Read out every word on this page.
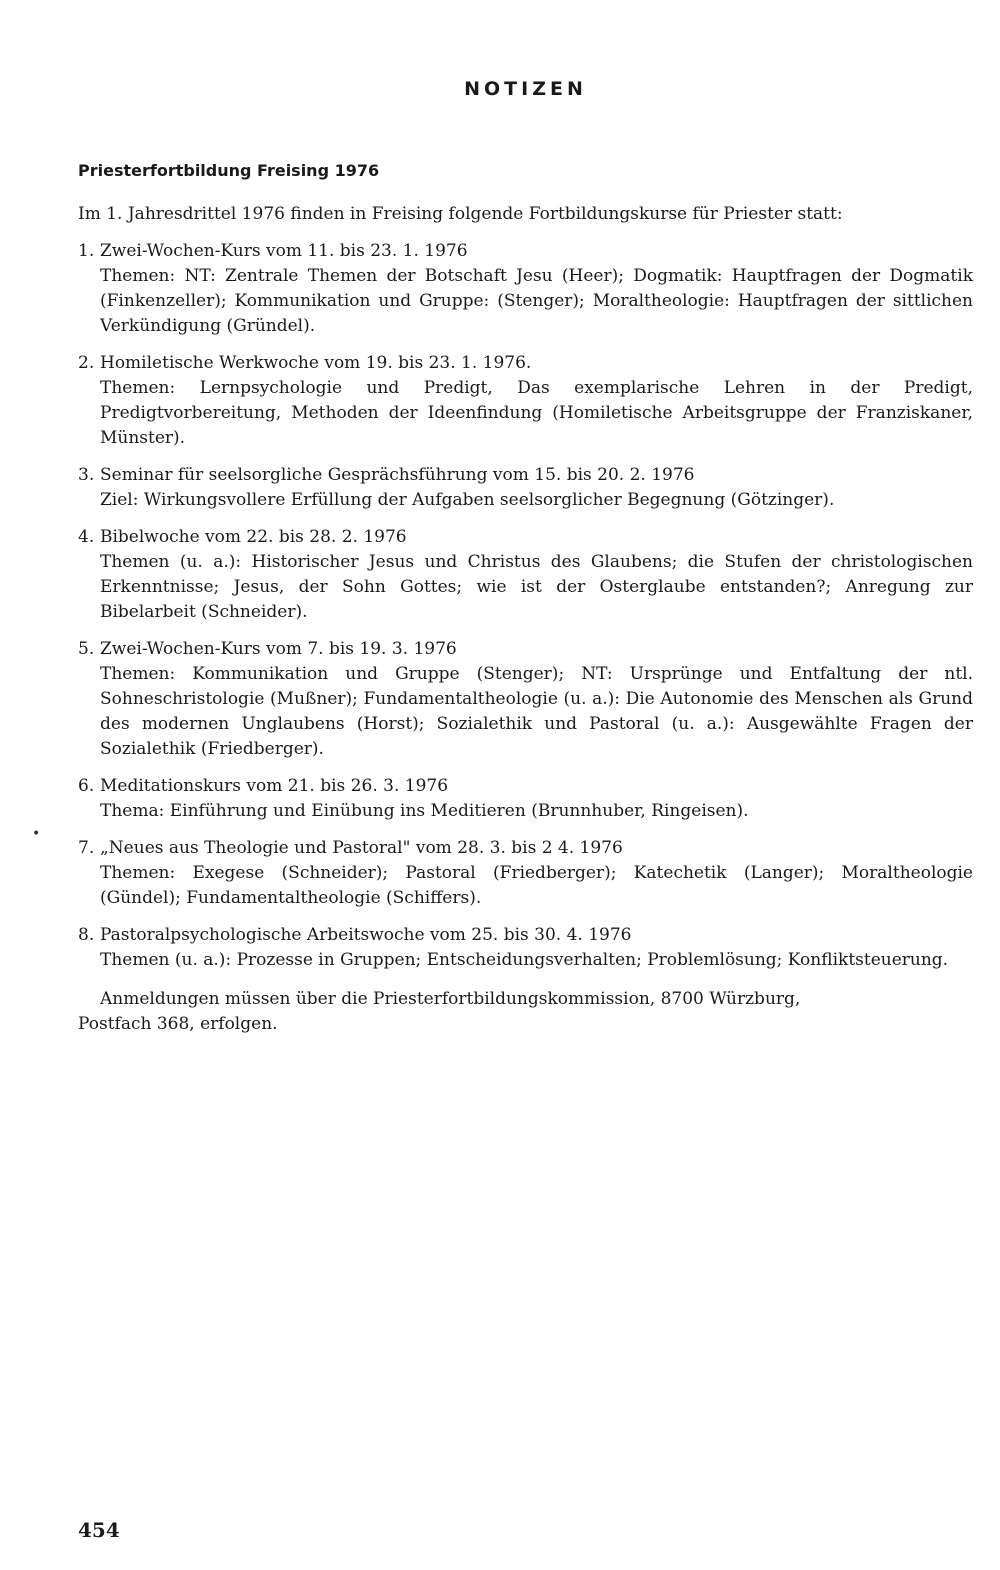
NOTIZEN
Priesterfortbildung Freising 1976

Im 1. Jahresdrittel 1976 finden in Freising folgende Fortbildungskurse für Priester statt:

1. Zwei-Wochen-Kurs vom 11. bis 23. 1. 1976
Themen: NT: Zentrale Themen der Botschaft Jesu (Heer); Dogmatik: Hauptfragen der Dogmatik (Finkenzeller); Kommunikation und Gruppe: (Stenger); Moraltheologie: Hauptfragen der sittlichen Verkündigung (Gründel).
2. Homiletische Werkwoche vom 19. bis 23. 1. 1976.
Themen: Lernpsychologie und Predigt, Das exemplarische Lehren in der Predigt, Predigtvorbereitung, Methoden der Ideenfindung (Homiletische Arbeitsgruppe der Franziskaner, Münster).
3. Seminar für seelsorgliche Gesprächsführung vom 15. bis 20. 2. 1976
Ziel: Wirkungsvollere Erfüllung der Aufgaben seelsorglicher Begegnung (Götzinger).
4. Bibelwoche vom 22. bis 28. 2. 1976
Themen (u. a.): Historischer Jesus und Christus des Glaubens; die Stufen der christologischen Erkenntnisse; Jesus, der Sohn Gottes; wie ist der Osterglaube entstanden?; Anregung zur Bibelarbeit (Schneider).
5. Zwei-Wochen-Kurs vom 7. bis 19. 3. 1976
Themen: Kommunikation und Gruppe (Stenger); NT: Ursprünge und Entfaltung der ntl. Sohneschristologie (Mußner); Fundamentaltheologie (u. a.): Die Autonomie des Menschen als Grund des modernen Unglaubens (Horst); Sozialethik und Pastoral (u. a.): Ausgewählte Fragen der Sozialethik (Friedberger).
6. Meditationskurs vom 21. bis 26. 3. 1976
Thema: Einführung und Einübung ins Meditieren (Brunnhuber, Ringeisen).
7. „Neues aus Theologie und Pastoral" vom 28. 3. bis 2 4. 1976
Themen: Exegese (Schneider); Pastoral (Friedberger); Katechetik (Langer); Moraltheologie (Gündel); Fundamentaltheologie (Schiffers).
8. Pastoralpsychologische Arbeitswoche vom 25. bis 30. 4. 1976
Themen (u. a.): Prozesse in Gruppen; Entscheidungsverhalten; Problemlösung; Konfliktsteuerung.
Anmeldungen müssen über die Priesterfortbildungskommission, 8700 Würzburg,
Postfach 368, erfolgen.
454
•
